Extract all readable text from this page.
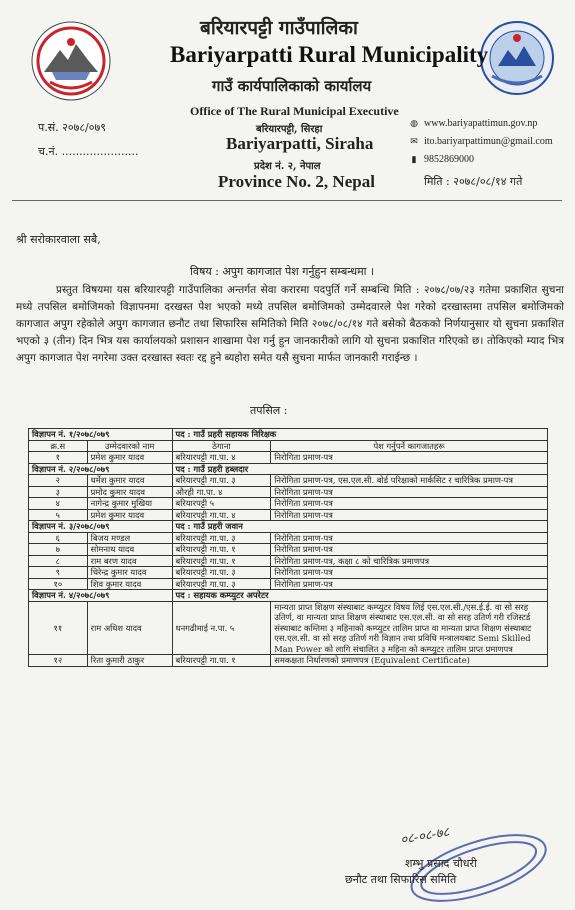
बरियारपट्टी गाउँपालिका
Bariyarpatti Rural Municipality
गाउँ कार्यपालिकाको कार्यालय
Office of The Rural Municipal Executive
बरियारपट्टी, सिरहा
Bariyarpatti, Siraha
प्रदेश नं. २, नेपाल
Province No. 2, Nepal
प.सं. २०७८/०७९
च.नं. ......................
◍ www.bariyapattimun.gov.np
✉ ito.bariyarpattimun@gmail.com
▮ 9852869000
मिति : २०७८/०८/१४ गते
श्री सरोकारवाला सबै,
विषय : अपुग कागजात पेश गर्नुहुन सम्बन्धमा ।
प्रस्तुत विषयमा यस बरियारपट्टी गाउँपालिका अन्तर्गत सेवा करारमा पदपुर्ति गर्ने सम्बन्धि मिति : २०७८/०७/२३ गतेमा प्रकाशित सुचना मध्ये तपसिल बमोजिमको विज्ञापनमा दरखस्त पेश भएको मध्ये तपसिल बमोजिमको उम्मेदवारले पेश गरेको दरखास्तमा तपसिल बमोजिमको कागजात अपुग रहेकोले अपुग कागजात छनौट तथा सिफारिस समितिको मिति २०७८/०८/१४ गते बसेको बैठकको निर्णयानुसार यो सुचना प्रकाशित भएको ३ (तीन) दिन भित्र यस कार्यालयको प्रशासन शाखामा पेश गर्नु हुन जानकारीको लागि यो सुचना प्रकाशित गरिएको छ। तोकिएको म्याद भित्र अपुग कागजात पेश नगरेमा उक्त दरखास्त स्वतः रद्द हुने ब्यहोरा समेत यसै सुचना मार्फत जानकारी गराईन्छ ।
तपसिल :
विज्ञापन नं. १/२०७८/०७९		पद : गाउँ प्रहरी सहायक निरिक्षक	
क्र.स	उम्मेदवारको नाम	ठेगाना	पेश गर्नुपर्ने कागजातहरू
१	प्रमेश कुमार यादव	बरियारपट्टी गा.पा. ४	निरोगिता प्रमाण-पत्र
विज्ञापन नं. २/२०७८/०७९		पद : गाउँ प्रहरी हब्लदार	
२	धर्मेश कुमार यादव	बरियारपट्टी गा.पा. ३	निरोगिता प्रमाण-पत्र, एस.एल.सी. बोर्ड परिक्षाको मार्कसिट र चारित्रिक प्रमाण-पत्र
३	प्रमोद कुमार यादव	औरही गा.पा. ४	निरोगिता प्रमाण-पत्र
४	नागेन्द्र कुमार मुखिया	बरियारपट्टी ५	निरोगिता प्रमाण-पत्र
५	प्रमेश कुमार यादव	बरियारपट्टी गा.पा. ४	निरोगिता प्रमाण-पत्र
विज्ञापन नं. ३/२०७८/०७९		पद : गाउँ प्रहरी जवान	
६	बिजय मण्डल	बरियारपट्टी गा.पा. ३	निरोगिता प्रमाण-पत्र
७	सोमनाथ यादव	बरियारपट्टी गा.पा. १	निरोगिता प्रमाण-पत्र
८	राम बरण यादव	बरियारपट्टी गा.पा. १	निरोगिता प्रमाण-पत्र, कक्षा ८ को चारित्रिक प्रमाणपत्र
९	धिरेन्द्र कुमार यादव	बरियारपट्टी गा.पा. ३	निरोगिता प्रमाण-पत्र
१०	शिव कुमार यादव	बरियारपट्टी गा.पा. ३	निरोगिता प्रमाण-पत्र
विज्ञापन नं. ४/२०७८/०७९		पद : सहायक कम्प्युटर अपरेटर	
११	राम अधिश यादव	धनगढीमाई न.पा. ५	मान्यता प्राप्त शिक्षण संस्थाबाट कम्प्युटर विषय लिई एस.एल.सी./एस.ई.ई. वा सो सरह उतिर्ण, वा मान्यता प्राप्त शिक्षण संस्थाबाट एस.एल.सी. वा सो सरह उतिर्ण गरी रजिस्टर्ड संस्थाबाट कम्तिमा ३ महिनाको कम्प्युटर तालिम प्राप्त वा मान्यता प्राप्त शिक्षण संस्थाबाट एस.एल.सी. वा सो सरह उतिर्ण गरी विज्ञान तथा प्रविधि मन्त्रालयबाट Semi Skilled Man Power को लागि संचालित ३ महिना को कम्प्युटर तालिम प्राप्त प्रमाणपत्र
१२	रिता कुमारी ठाकुर	बरियारपट्टी गा.पा. १	समकक्षता निर्धारणको प्रमाणपत्र (Equivalent Certificate)
०८-०८-७८
शम्भु प्रसाद चौधरी
छनौट तथा सिफारिस समिति
